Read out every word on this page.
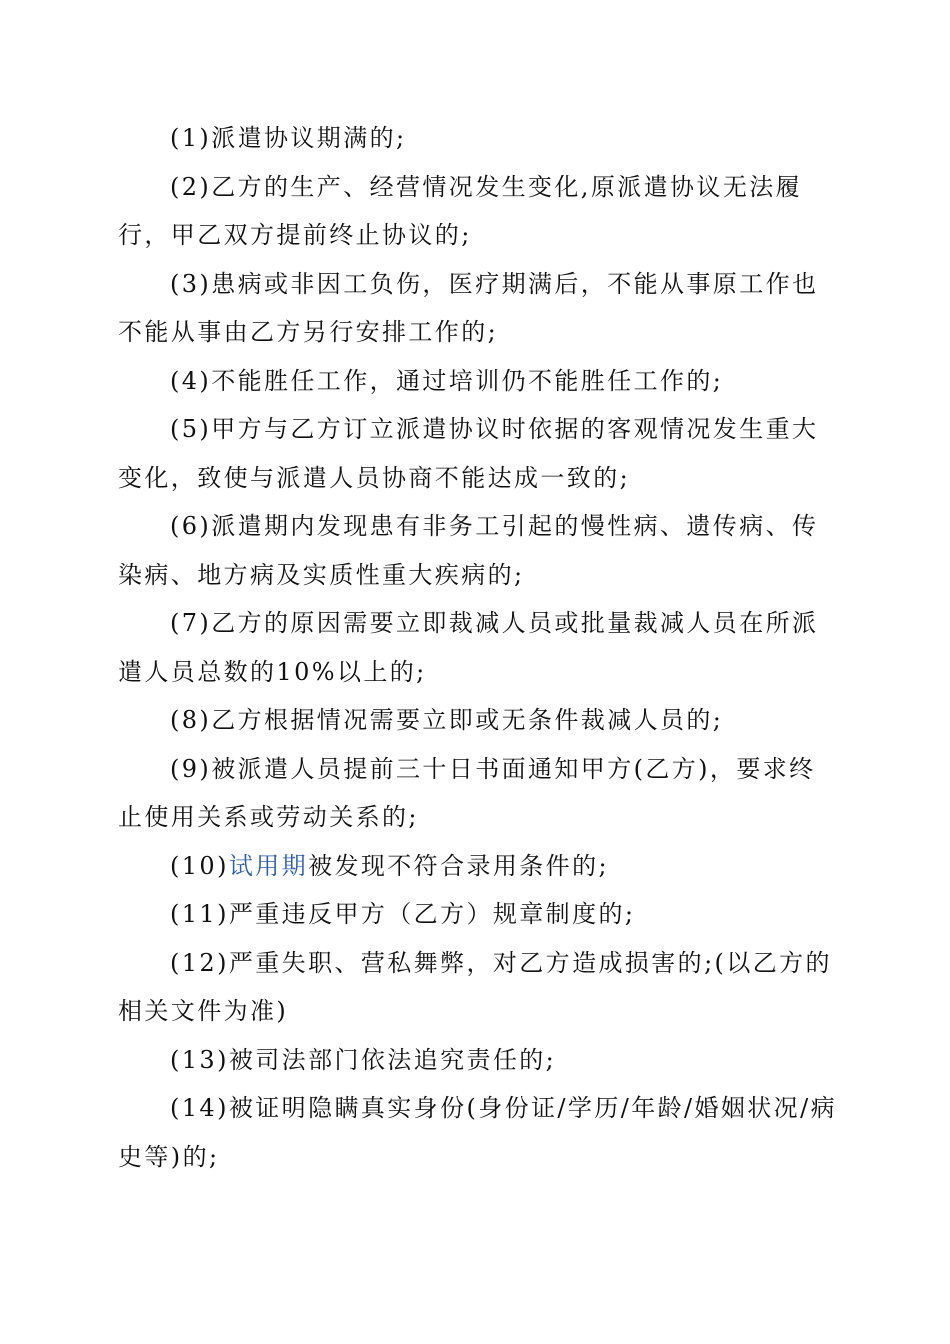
(1)派遣协议期满的;

(2)乙方的生产、经营情况发生变化,原派遣协议无法履行，甲乙双方提前终止协议的;

(3)患病或非因工负伤，医疗期满后，不能从事原工作也不能从事由乙方另行安排工作的;

(4)不能胜任工作，通过培训仍不能胜任工作的;

(5)甲方与乙方订立派遣协议时依据的客观情况发生重大变化，致使与派遣人员协商不能达成一致的;

(6)派遣期内发现患有非务工引起的慢性病、遗传病、传染病、地方病及实质性重大疾病的;

(7)乙方的原因需要立即裁减人员或批量裁减人员在所派遣人员总数的10%以上的;

(8)乙方根据情况需要立即或无条件裁减人员的;

(9)被派遣人员提前三十日书面通知甲方(乙方)，要求终止使用关系或劳动关系的;

(10)试用期被发现不符合录用条件的;

(11)严重违反甲方（乙方）规章制度的;

(12)严重失职、营私舞弊，对乙方造成损害的;(以乙方的相关文件为准)

(13)被司法部门依法追究责任的;

(14)被证明隐瞒真实身份(身份证/学历/年龄/婚姻状况/病史等)的;
